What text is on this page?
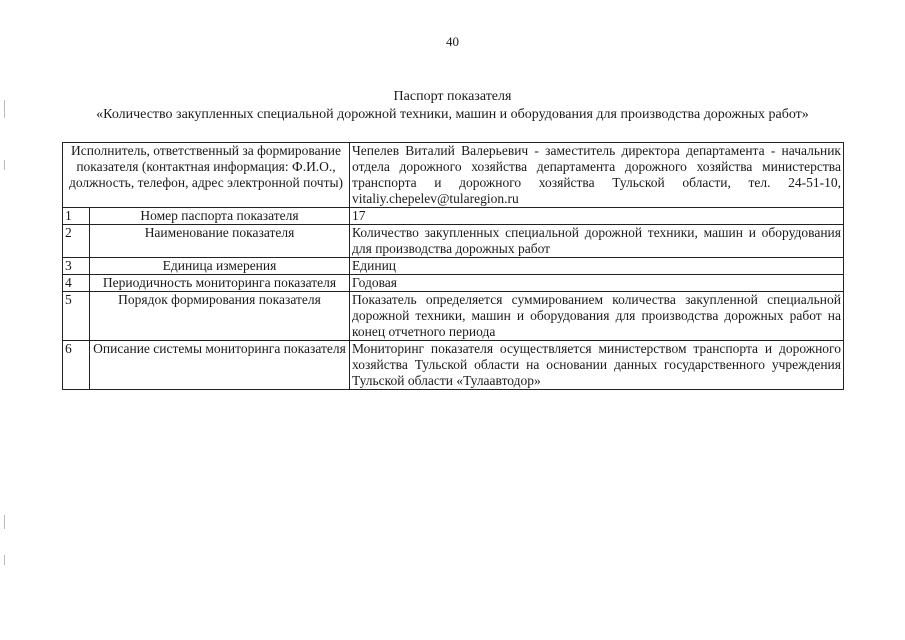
40
Паспорт показателя
«Количество закупленных специальной дорожной техники, машин и оборудования для производства дорожных работ»
Исполнитель, ответственный за формирование показателя (контактная информация: Ф.И.О., должность, телефон, адрес электронной почты)		Чепелев Виталий Валерьевич - заместитель директора департамента - начальник отдела дорожного хозяйства департамента дорожного хозяйства министерства транспорта и дорожного хозяйства Тульской области, тел. 24-51-10, vitaliy.chepelev@tularegion.ru
1	Номер паспорта показателя	17
2	Наименование показателя	Количество закупленных специальной дорожной техники, машин и оборудования для производства дорожных работ
3	Единица измерения	Единиц
4	Периодичность мониторинга показателя	Годовая
5	Порядок формирования показателя	Показатель определяется суммированием количества закупленной специальной дорожной техники, машин и оборудования для производства дорожных работ на конец отчетного периода
6	Описание системы мониторинга показателя	Мониторинг показателя осуществляется министерством транспорта и дорожного хозяйства Тульской области на основании данных государственного учреждения Тульской области «Тулаавтодор»
